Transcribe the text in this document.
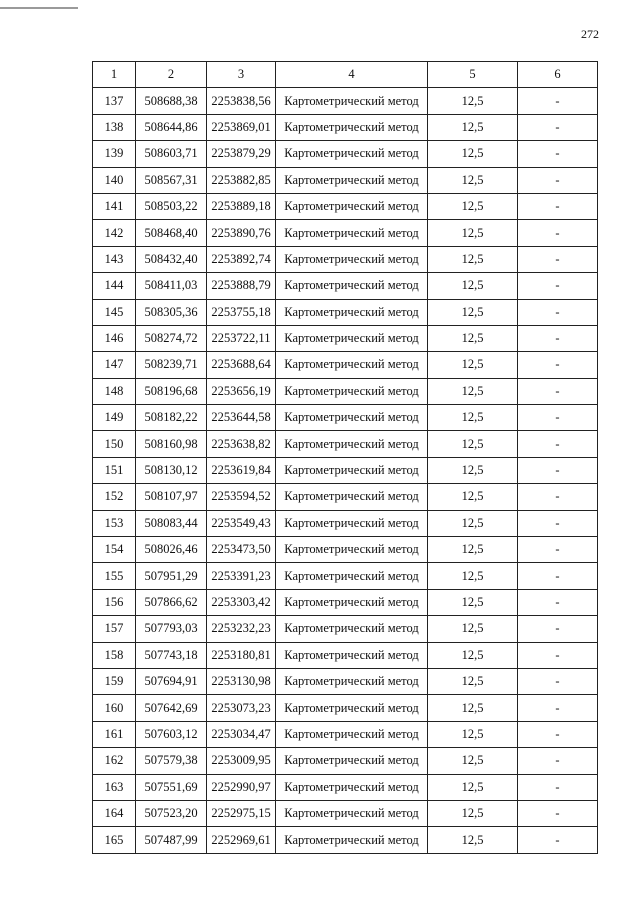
272
1	2	3	4	5	6
137	508688,38	2253838,56	Картометрический метод	12,5	-
138	508644,86	2253869,01	Картометрический метод	12,5	-
139	508603,71	2253879,29	Картометрический метод	12,5	-
140	508567,31	2253882,85	Картометрический метод	12,5	-
141	508503,22	2253889,18	Картометрический метод	12,5	-
142	508468,40	2253890,76	Картометрический метод	12,5	-
143	508432,40	2253892,74	Картометрический метод	12,5	-
144	508411,03	2253888,79	Картометрический метод	12,5	-
145	508305,36	2253755,18	Картометрический метод	12,5	-
146	508274,72	2253722,11	Картометрический метод	12,5	-
147	508239,71	2253688,64	Картометрический метод	12,5	-
148	508196,68	2253656,19	Картометрический метод	12,5	-
149	508182,22	2253644,58	Картометрический метод	12,5	-
150	508160,98	2253638,82	Картометрический метод	12,5	-
151	508130,12	2253619,84	Картометрический метод	12,5	-
152	508107,97	2253594,52	Картометрический метод	12,5	-
153	508083,44	2253549,43	Картометрический метод	12,5	-
154	508026,46	2253473,50	Картометрический метод	12,5	-
155	507951,29	2253391,23	Картометрический метод	12,5	-
156	507866,62	2253303,42	Картометрический метод	12,5	-
157	507793,03	2253232,23	Картометрический метод	12,5	-
158	507743,18	2253180,81	Картометрический метод	12,5	-
159	507694,91	2253130,98	Картометрический метод	12,5	-
160	507642,69	2253073,23	Картометрический метод	12,5	-
161	507603,12	2253034,47	Картометрический метод	12,5	-
162	507579,38	2253009,95	Картометрический метод	12,5	-
163	507551,69	2252990,97	Картометрический метод	12,5	-
164	507523,20	2252975,15	Картометрический метод	12,5	-
165	507487,99	2252969,61	Картометрический метод	12,5	-
